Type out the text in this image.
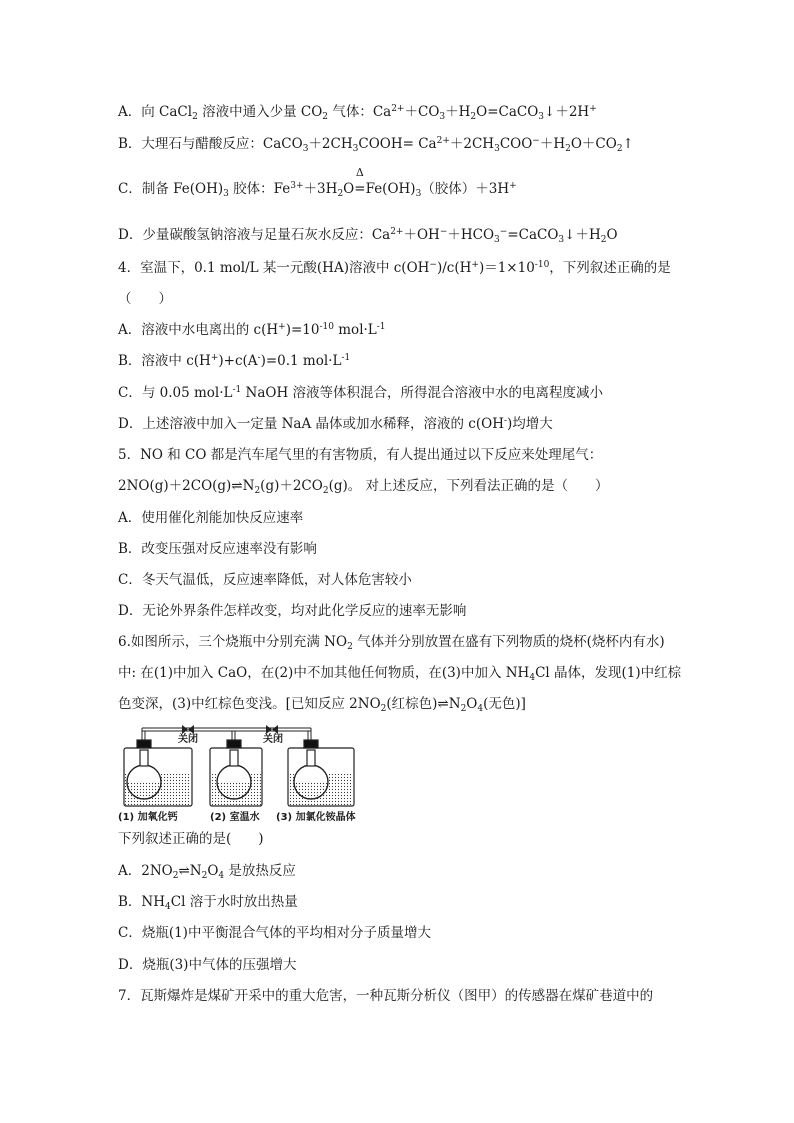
A．向 CaCl$_2$ 溶液中通入少量 $CO_2$ 气体：$Ca^{2+}+CO_3+H_2O=CaCO_3↓+2H^+$
B．大理石与醋酸反应：$CaCO_3+2CH_3COOH=$ $Ca^{2+}+2CH_3COO^-+H_2O+CO_2↑$
C．制备 $Fe(OH)_3$ 胶体：$Fe^{3+}+3H_2O$
Δ
$=Fe(OH)_3$（胶体）＋3H+
D．少量碳酸氢钠溶液与足量石灰水反应：$Ca^{2+}+OH^-+HCO_3^-=CaCO_3↓+H_2O$
4．室温下，0.1 mol/L 某一元酸(HA)溶液中 $c(OH^-)/c(H^+)=1\times 10^{-10}$，下列叙述正确的是
（　　）
A．溶液中水电离出的 $c(H^+)=10^{-10}$ $mol\cdot L^{-1}$
B．溶液中 c(H+)+c(A-)=0.1 $mol\cdot L^{-1}$
C．与 0.05 $mol\cdot L^{-1}$ NaOH 溶液等体积混合，所得混合溶液中水的电离程度减小
D．上述溶液中加入一定量 NaA 晶体或加水稀释，溶液的 c(OH-)均增大
5．NO 和 CO 都是汽车尾气里的有害物质，有人提出通过以下反应来处理尾气：
$2NO(g)+2CO(g)\rightleftharpoons N_2(g)+2CO_2(g)$。 对上述反应，下列看法正确的是（　　）
A．使用催化剂能加快反应速率
B．改变压强对反应速率没有影响
C．冬天气温低，反应速率降低，对人体危害较小
D．无论外界条件怎样改变，均对此化学反应的速率无影响
6.如图所示，三个烧瓶中分别充满 $NO_2$ 气体并分别放置在盛有下列物质的烧杯(烧杯内有水)
中: 在(1)中加入 CaO，在(2)中不加其他任何物质，在(3)中加入 $NH_4Cl$ 晶体，发现(1)中红棕
色变深，(3)中红棕色变浅。[已知反应 $2NO_2$(红棕色)$\rightleftharpoons N_2O_4$(无色)]
关闭	关闭
(1) 加氧化钙	(2) 室温水 (3) 加氯化铵晶体
下列叙述正确的是(　　)
A．$2NO_2\rightleftharpoons N_2O_4$ 是放热反应
B．$NH_4Cl$ 溶于水时放出热量
C．烧瓶(1)中平衡混合气体的平均相对分子质量增大
D．烧瓶(3)中气体的压强增大
7．瓦斯爆炸是煤矿开采中的重大危害，一种瓦斯分析仪（图甲）的传感器在煤矿巷道中的
